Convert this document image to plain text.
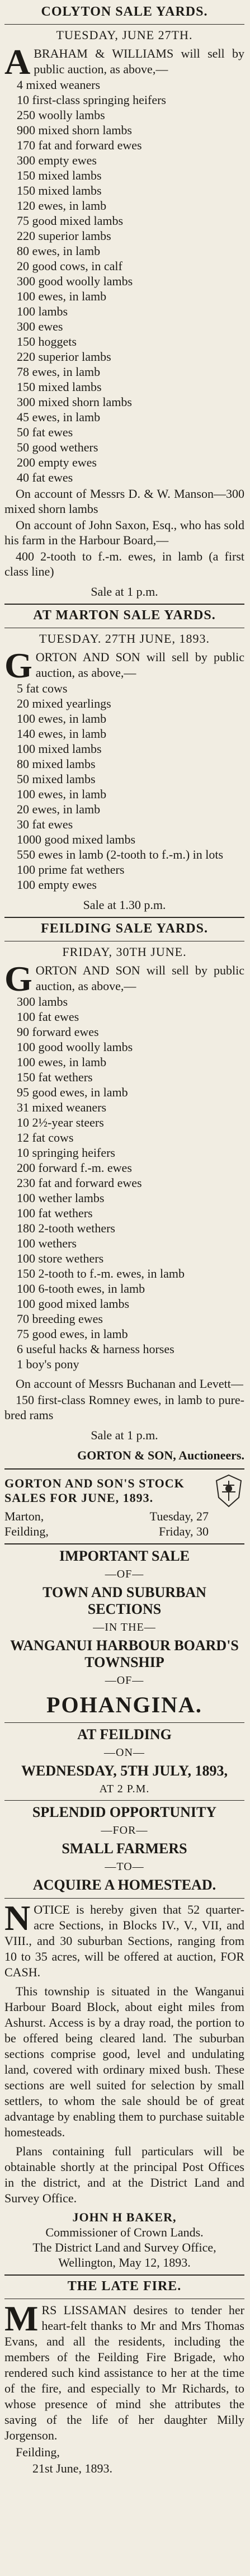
COLYTON SALE YARDS.
TUESDAY, JUNE 27TH.
A BRAHAM & WILLIAMS will sell by public auction, as above,—
4 mixed weaners
10 first-class springing heifers
250 woolly lambs
900 mixed shorn lambs
170 fat and forward ewes
300 empty ewes
150 mixed lambs
150 mixed lambs
120 ewes, in lamb
75 good mixed lambs
220 superior lambs
80 ewes, in lamb
20 good cows, in calf
300 good woolly lambs
100 ewes, in lamb
100 lambs
300 ewes
150 hoggets
220 superior lambs
78 ewes, in lamb
150 mixed lambs
300 mixed shorn lambs
45 ewes, in lamb
50 fat ewes
50 good wethers
200 empty ewes
40 fat ewes
On account of Messrs D. & W. Manson—300 mixed shorn lambs
On account of John Saxon, Esq., who has sold his farm in the Harbour Board,—
400 2-tooth to f.-m. ewes, in lamb (a first class line)
Sale at 1 p.m.
AT MARTON SALE YARDS.
TUESDAY. 27TH JUNE, 1893.
G ORTON AND SON will sell by public auction, as above,—
5 fat cows
20 mixed yearlings
100 ewes, in lamb
140 ewes, in lamb
100 mixed lambs
80 mixed lambs
50 mixed lambs
100 ewes, in lamb
20 ewes, in lamb
30 fat ewes
1000 good mixed lambs
550 ewes in lamb (2-tooth to f.-m.) in lots
100 prime fat wethers
100 empty ewes
Sale at 1.30 p.m.
FEILDING SALE YARDS.
FRIDAY, 30TH JUNE.
G ORTON AND SON will sell by public auction, as above,—
300 lambs
100 fat ewes
90 forward ewes
100 good woolly lambs
100 ewes, in lamb
150 fat wethers
95 good ewes, in lamb
31 mixed weaners
10 2½-year steers
12 fat cows
10 springing heifers
200 forward f.-m. ewes
230 fat and forward ewes
100 wether lambs
100 fat wethers
180 2-tooth wethers
100 wethers
100 store wethers
150 2-tooth to f.-m. ewes, in lamb
100 6-tooth ewes, in lamb
100 good mixed lambs
70 breeding ewes
75 good ewes, in lamb
6 useful hacks & harness horses
1 boy's pony
On account of Messrs Buchanan and Levett—
150 first-class Romney ewes, in lamb to pure-bred rams
Sale at 1 p.m.
GORTON & SON, Auctioneers.
GORTON AND SON'S STOCK SALES FOR JUNE, 1893.
Marton,	Tuesday, 27
Feilding,	Friday, 30
IMPORTANT SALE
—OF—
TOWN AND SUBURBAN SECTIONS
—IN THE—
WANGANUI HARBOUR BOARD'S TOWNSHIP
—OF—
POHANGINA.
AT FEILDING
—ON—
WEDNESDAY, 5TH JULY, 1893,
AT 2 P.M.
SPLENDID OPPORTUNITY
—FOR—
SMALL FARMERS
—TO—
ACQUIRE A HOMESTEAD.
N OTICE is hereby given that 52 quarter-acre Sections, in Blocks IV., V., VII, and VIII., and 30 suburban Sections, ranging from 10 to 35 acres, will be offered at auction, FOR CASH.
This township is situated in the Wanganui Harbour Board Block, about eight miles from Ashurst. Access is by a dray road, the portion to be offered being cleared land. The suburban sections comprise good, level and undulating land, covered with ordinary mixed bush. These sections are well suited for selection by small settlers, to whom the sale should be of great advantage by enabling them to purchase suitable homesteads.
Plans containing full particulars will be obtainable shortly at the principal Post Offices in the district, and at the District Land and Survey Office.
JOHN H BAKER,
Commissioner of Crown Lands.
The District Land and Survey Office,
Wellington, May 12, 1893.
THE LATE FIRE.
M RS LISSAMAN desires to tender her heart-felt thanks to Mr and Mrs Thomas Evans, and all the residents, including the members of the Feilding Fire Brigade, who rendered such kind assistance to her at the time of the fire, and especially to Mr Richards, to whose presence of mind she attributes the saving of the life of her daughter Milly Jorgenson.
Feilding,
21st June, 1893.
